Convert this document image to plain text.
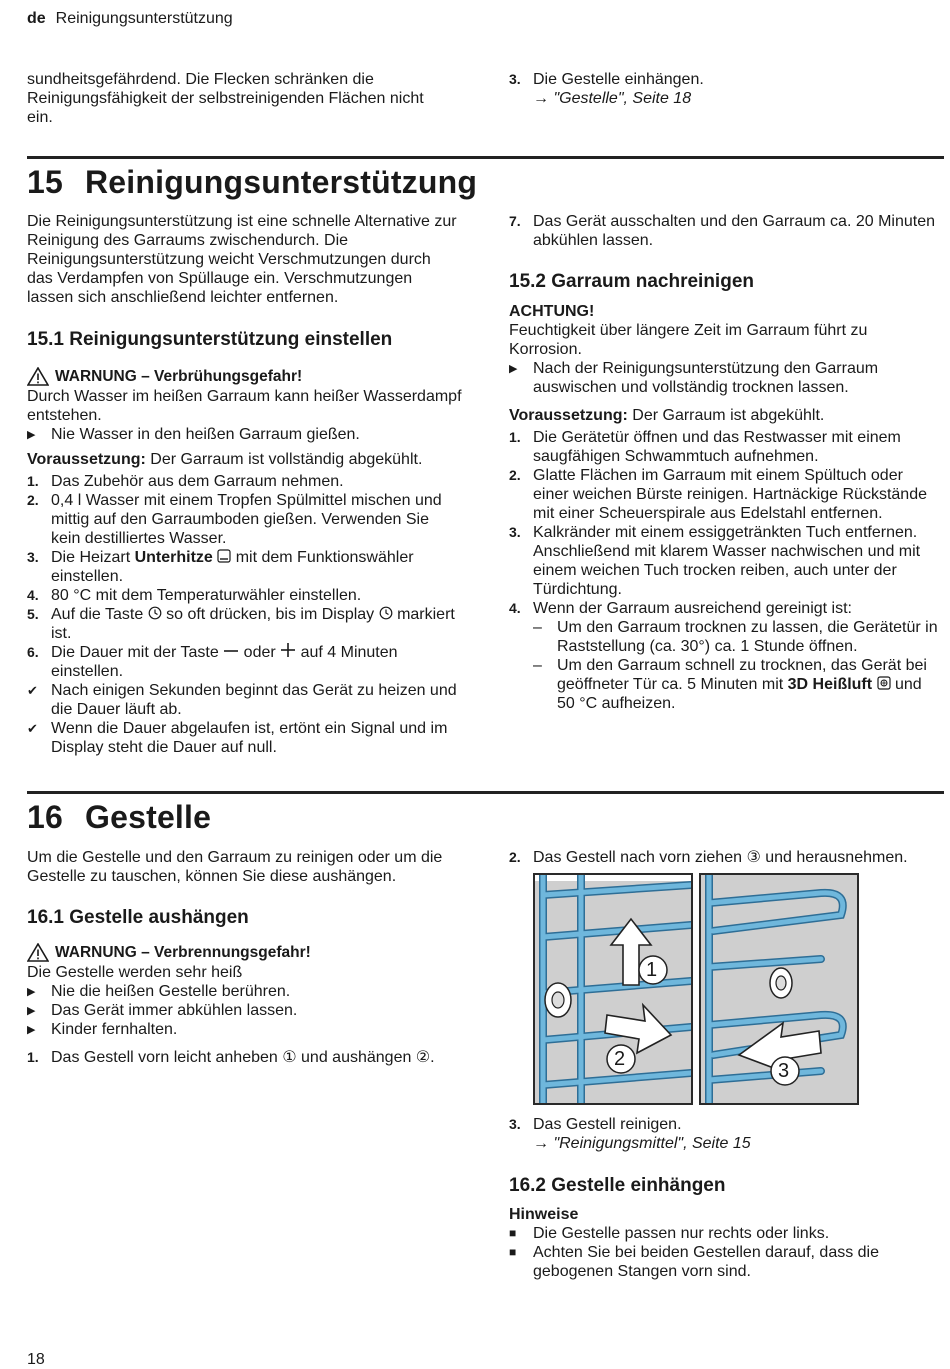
de Reinigungsunterstützung

sundheitsgefährdend. Die Flecken schränken die Reinigungsfähigkeit der selbstreinigenden Flächen nicht ein.

3. Die Gestelle einhängen.
→ "Gestelle", Seite 18
15 Reinigungsunterstützung

Die Reinigungsunterstützung ist eine schnelle Alternative zur Reinigung des Garraums zwischendurch. Die Reinigungsunterstützung weicht Verschmutzungen durch das Verdampfen von Spüllauge ein. Verschmutzungen lassen sich anschließend leichter entfernen.

15.1 Reinigungsunterstützung einstellen
WARNUNG – Verbrühungsgefahr!

Durch Wasser im heißen Garraum kann heißer Wasserdampf entstehen.

▶ Nie Wasser in den heißen Garraum gießen.

Voraussetzung: Der Garraum ist vollständig abgekühlt.

1. Das Zubehör aus dem Garraum nehmen.
2. 0,4 l Wasser mit einem Tropfen Spülmittel mischen und mittig auf den Garraumboden gießen. Verwenden Sie kein destilliertes Wasser.
3. Die Heizart Unterhitze  mit dem Funktionswähler einstellen.
4. 80 °C mit dem Temperaturwähler einstellen.
5. Auf die Taste  so oft drücken, bis im Display  markiert ist.
6. Die Dauer mit der Taste  oder  auf 4 Minuten einstellen.
✔ Nach einigen Sekunden beginnt das Gerät zu heizen und die Dauer läuft ab.
✔ Wenn die Dauer abgelaufen ist, ertönt ein Signal und im Display steht die Dauer auf null.
7. Das Gerät ausschalten und den Garraum ca. 20 Minuten abkühlen lassen.
15.2 Garraum nachreinigen

ACHTUNG!

Feuchtigkeit über längere Zeit im Garraum führt zu Korrosion.

▶ Nach der Reinigungsunterstützung den Garraum auswischen und vollständig trocknen lassen.

Voraussetzung: Der Garraum ist abgekühlt.

1. Die Gerätetür öffnen und das Restwasser mit einem saugfähigen Schwammtuch aufnehmen.
2. Glatte Flächen im Garraum mit einem Spültuch oder einer weichen Bürste reinigen. Hartnäckige Rückstände mit einer Scheuerspirale aus Edelstahl entfernen.
3. Kalkränder mit einem essiggetränkten Tuch entfernen. Anschließend mit klarem Wasser nachwischen und mit einem weichen Tuch trocken reiben, auch unter der Türdichtung.
4. Wenn der Garraum ausreichend gereinigt ist:
– Um den Garraum trocknen zu lassen, die Gerätetür in Raststellung (ca. 30°) ca. 1 Stunde öffnen.
– Um den Garraum schnell zu trocknen, das Gerät bei geöffneter Tür ca. 5 Minuten mit 3D Heißluft  und 50 °C aufheizen.
16 Gestelle

Um die Gestelle und den Garraum zu reinigen oder um die Gestelle zu tauschen, können Sie diese aushängen.

16.1 Gestelle aushängen
WARNUNG – Verbrennungsgefahr!

Die Gestelle werden sehr heiß

▶ Nie die heißen Gestelle berühren.
▶ Das Gerät immer abkühlen lassen.
▶ Kinder fernhalten.
1. Das Gestell vorn leicht anheben ① und aushängen ②.
2. Das Gestell nach vorn ziehen ③ und herausnehmen.
1
2
3
3. Das Gestell reinigen.
→ "Reinigungsmittel", Seite 15
16.2 Gestelle einhängen

Hinweise

■ Die Gestelle passen nur rechts oder links.
■ Achten Sie bei beiden Gestellen darauf, dass die gebogenen Stangen vorn sind.
18
